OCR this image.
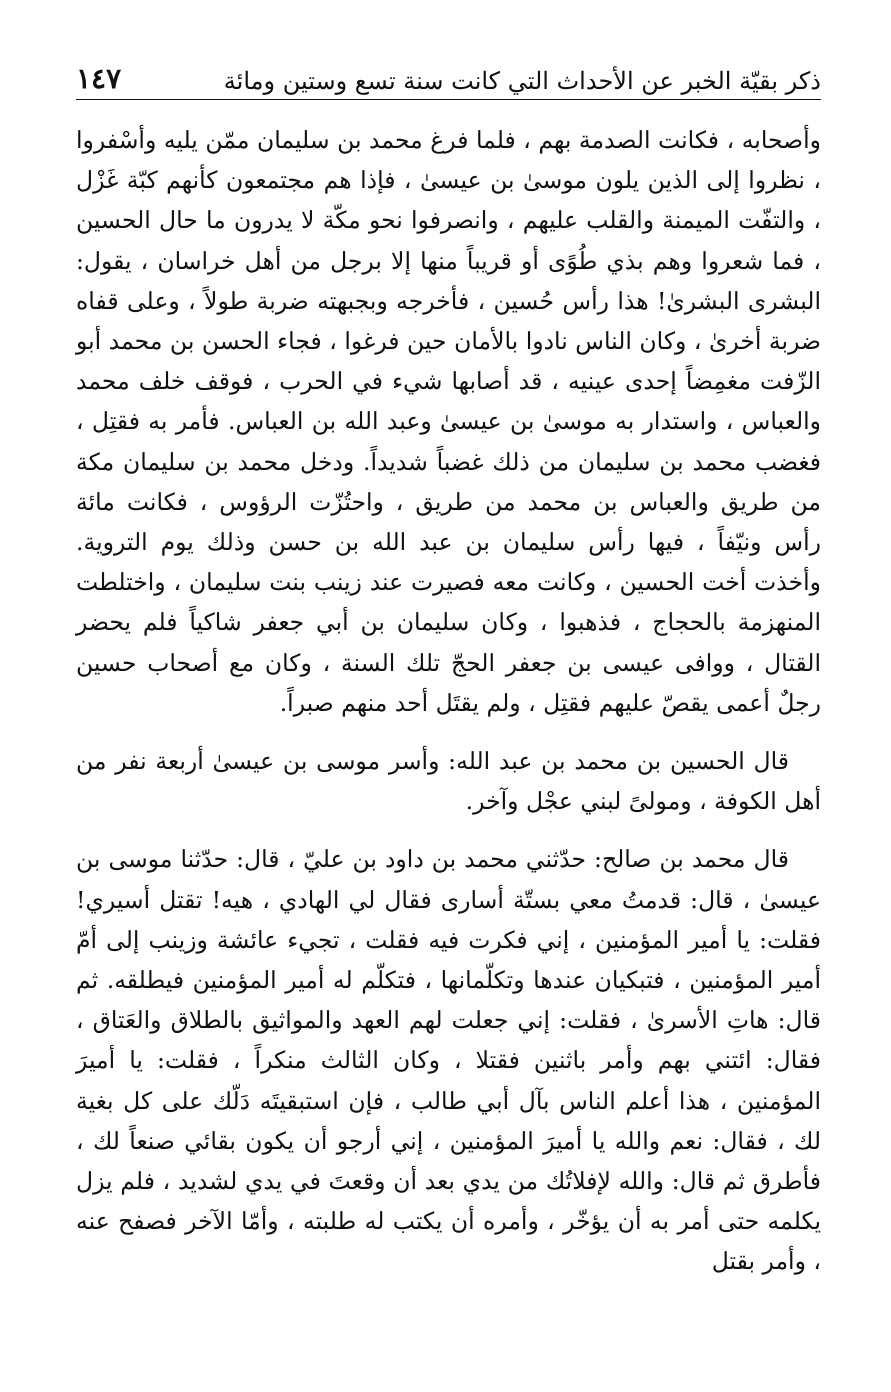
ذكر بقيّة الخبر عن الأحداث التي كانت سنة تسع وستين ومائة
١٤٧

وأصحابه ، فكانت الصدمة بهم ، فلما فرغ محمد بن سليمان ممّن يليه وأسْفروا ، نظروا إلى الذين يلون موسىٰ بن عيسىٰ ، فإذا هم مجتمعون كأنهم كبّة غَزْل ، والتفّت الميمنة والقلب عليهم ، وانصرفوا نحو مكّة لا يدرون ما حال الحسين ، فما شعروا وهم بذي طُوًى أو قريباً منها إلا برجل من أهل خراسان ، يقول: البشرى البشرىٰ! هذا رأس حُسين ، فأخرجه وبجبهته ضربة طولاً ، وعلى قفاه ضربة أخرىٰ ، وكان الناس نادوا بالأمان حين فرغوا ، فجاء الحسن بن محمد أبو الزّفت مغمِضاً إحدى عينيه ، قد أصابها شيء في الحرب ، فوقف خلف محمد والعباس ، واستدار به موسىٰ بن عيسىٰ وعبد الله بن العباس. فأمر به فقتِل ، فغضب محمد بن سليمان من ذلك غضباً شديداً. ودخل محمد بن سليمان مكة من طريق والعباس بن محمد من طريق ، واحتُزّت الرؤوس ، فكانت مائة رأس ونيّفاً ، فيها رأس سليمان بن عبد الله بن حسن وذلك يوم التروية. وأخذت أخت الحسين ، وكانت معه فصيرت عند زينب بنت سليمان ، واختلطت المنهزمة بالحجاج ، فذهبوا ، وكان سليمان بن أبي جعفر شاكياً فلم يحضر القتال ، ووافى عيسى بن جعفر الحجّ تلك السنة ، وكان مع أصحاب حسين رجلٌ أعمى يقصّ عليهم فقتِل ، ولم يقتَل أحد منهم صبراً.

قال الحسين بن محمد بن عبد الله: وأسر موسى بن عيسىٰ أربعة نفر من أهل الكوفة ، ومولىً لبني عجْل وآخر.

قال محمد بن صالح: حدّثني محمد بن داود بن عليّ ، قال: حدّثنا موسى بن عيسىٰ ، قال: قدمتُ معي بستّة أسارى فقال لي الهادي ، هيه! تقتل أسيري! فقلت: يا أمير المؤمنين ، إني فكرت فيه فقلت ، تجيء عائشة وزينب إلى أمّ أمير المؤمنين ، فتبكيان عندها وتكلّمانها ، فتكلّم له أمير المؤمنين فيطلقه. ثم قال: هاتِ الأسرىٰ ، فقلت: إني جعلت لهم العهد والمواثيق بالطلاق والعَتاق ، فقال: ائتني بهم وأمر باثنين فقتلا ، وكان الثالث منكراً ، فقلت: يا أميرَ المؤمنين ، هذا أعلم الناس بآل أبي طالب ، فإن استبقيتَه دَلّك على كل بغية لك ، فقال: نعم والله يا أميرَ المؤمنين ، إني أرجو أن يكون بقائي صنعاً لك ، فأطرق ثم قال: والله لإفلاتُك من يدي بعد أن وقعتَ في يدي لشديد ، فلم يزل يكلمه حتى أمر به أن يؤخّر ، وأمره أن يكتب له طلبته ، وأمّا الآخر فصفح عنه ، وأمر بقتل
